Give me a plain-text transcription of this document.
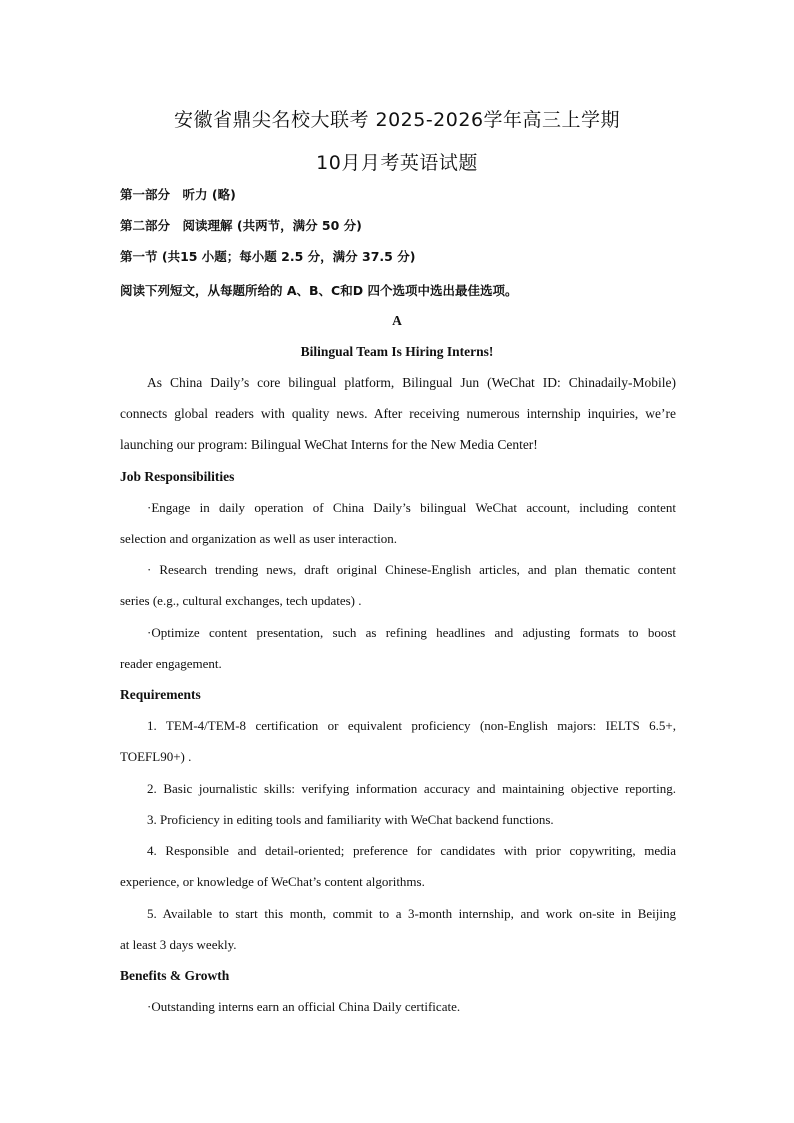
安徽省鼎尖名校大联考 2025-2026学年高三上学期
10月月考英语试题
第一部分　听力 (略)
第二部分　阅读理解 (共两节，满分 50 分)
第一节 (共15 小题；每小题 2.5 分，满分 37.5 分)
阅读下列短文，从每题所给的 A、B、C和D 四个选项中选出最佳选项。
A
Bilingual Team Is Hiring Interns!
As China Daily’s core bilingual platform, Bilingual Jun (WeChat ID: Chinadaily-Mobile)
connects global readers with quality news. After receiving numerous internship inquiries, we’re
launching our program: Bilingual WeChat Interns for the New Media Center!
Job Responsibilities
·Engage in daily operation of China Daily’s bilingual WeChat account, including content
selection and organization as well as user interaction.
· Research trending news, draft original Chinese-English articles, and plan thematic content
series (e.g., cultural exchanges, tech updates) .
·Optimize content presentation, such as refining headlines and adjusting formats to boost
reader engagement.
Requirements
1. TEM-4/TEM-8 certification or equivalent proficiency (non-English majors: IELTS 6.5+,
TOEFL90+) .
2. Basic journalistic skills: verifying information accuracy and maintaining objective reporting.
3. Proficiency in editing tools and familiarity with WeChat backend functions.
4. Responsible and detail-oriented; preference for candidates with prior copywriting, media
experience, or knowledge of WeChat’s content algorithms.
5. Available to start this month, commit to a 3-month internship, and work on-site in Beijing
at least 3 days weekly.
Benefits & Growth
·Outstanding interns earn an official China Daily certificate.
